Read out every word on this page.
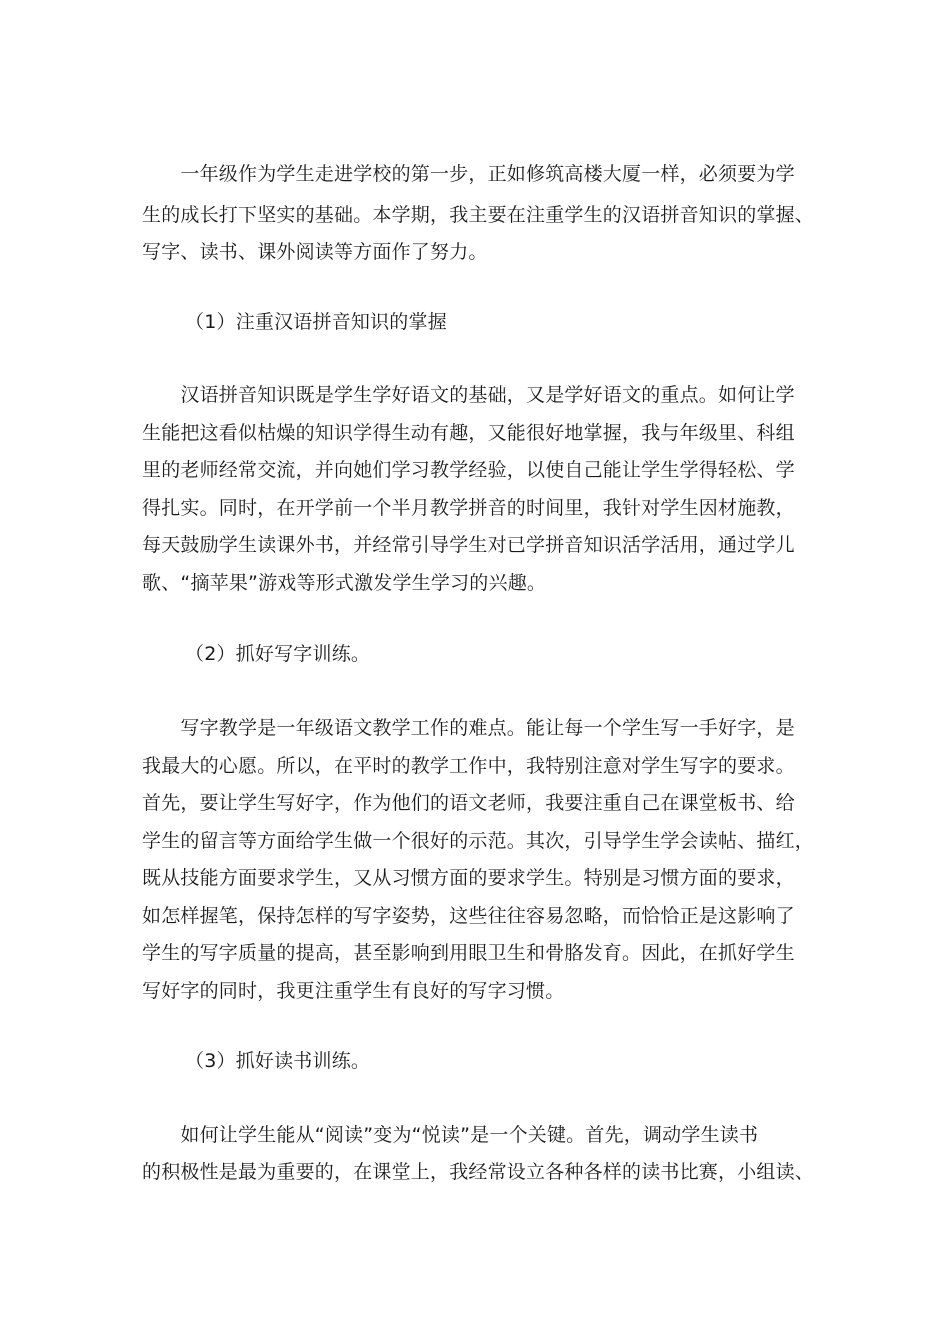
　　一年级作为学生走进学校的第一步，正如修筑高楼大厦一样，必须要为学
生的成长打下坚实的基础。本学期，我主要在注重学生的汉语拼音知识的掌握、
写字、读书、课外阅读等方面作了努力。
（1）注重汉语拼音知识的掌握
　　汉语拼音知识既是学生学好语文的基础，又是学好语文的重点。如何让学
生能把这看似枯燥的知识学得生动有趣，又能很好地掌握，我与年级里、科组
里的老师经常交流，并向她们学习教学经验，以使自己能让学生学得轻松、学
得扎实。同时，在开学前一个半月教学拼音的时间里，我针对学生因材施教，
每天鼓励学生读课外书，并经常引导学生对已学拼音知识活学活用，通过学儿
歌、“摘苹果”游戏等形式激发学生学习的兴趣。
（2）抓好写字训练。
　　写字教学是一年级语文教学工作的难点。能让每一个学生写一手好字，是
我最大的心愿。所以，在平时的教学工作中，我特别注意对学生写字的要求。
首先，要让学生写好字，作为他们的语文老师，我要注重自己在课堂板书、给
学生的留言等方面给学生做一个很好的示范。其次，引导学生学会读帖、描红，
既从技能方面要求学生，又从习惯方面的要求学生。特别是习惯方面的要求，
如怎样握笔，保持怎样的写字姿势，这些往往容易忽略，而恰恰正是这影响了
学生的写字质量的提高，甚至影响到用眼卫生和骨胳发育。因此，在抓好学生
写好字的同时，我更注重学生有良好的写字习惯。
（3）抓好读书训练。
　　如何让学生能从“阅读”变为“悦读”是一个关键。首先，调动学生读书
的积极性是最为重要的，在课堂上，我经常设立各种各样的读书比赛，小组读、
